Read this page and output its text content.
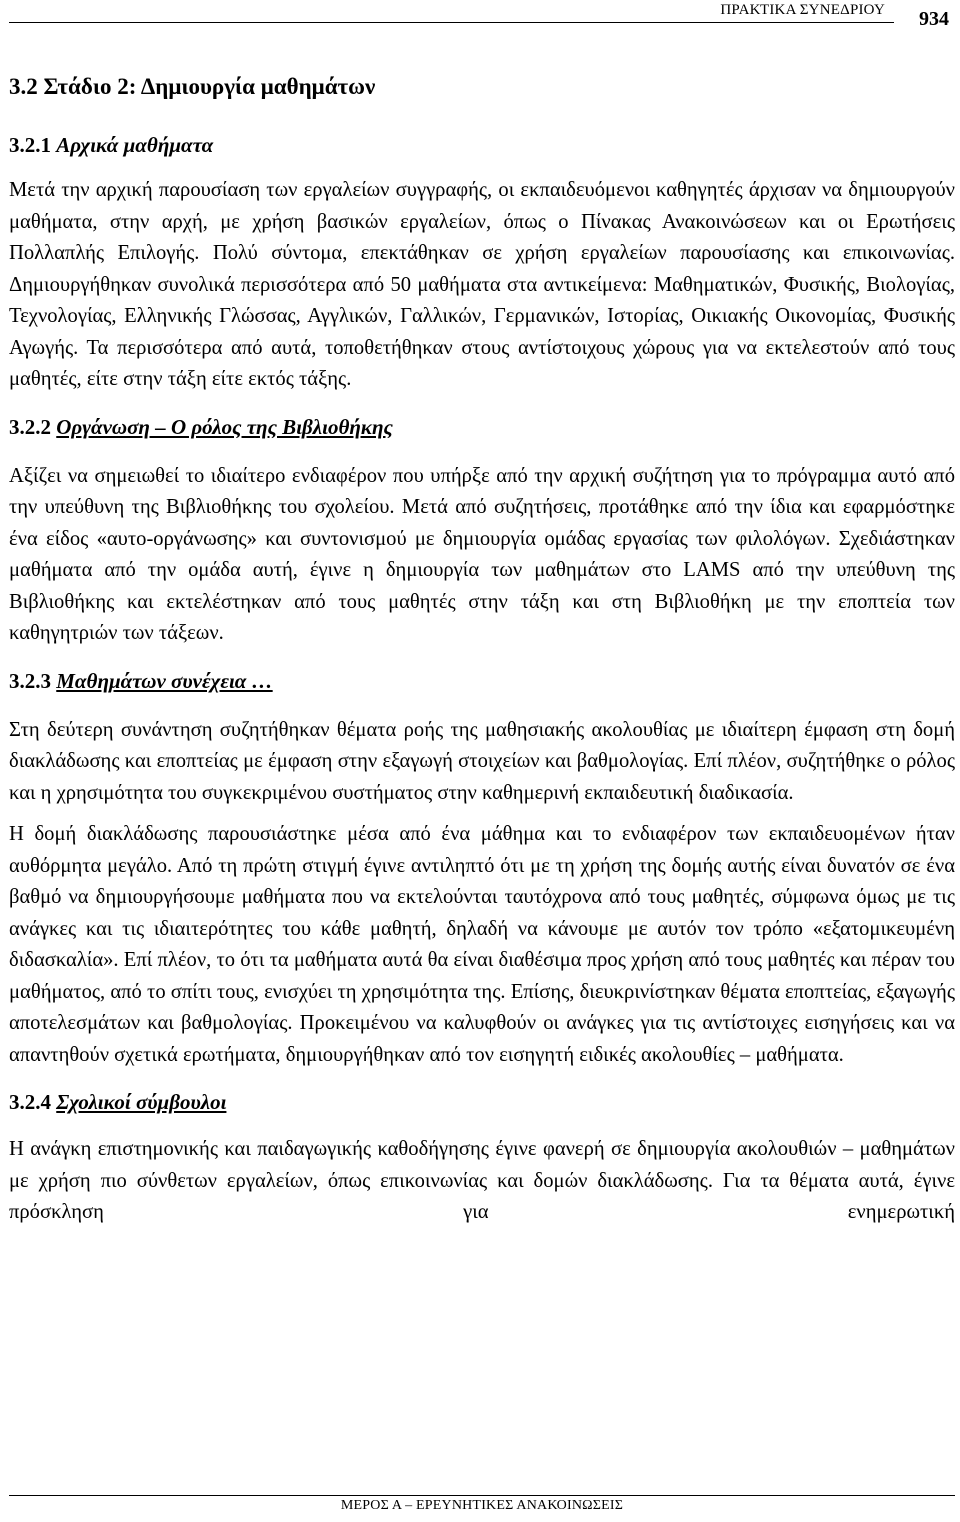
ΠΡΑΚΤΙΚΑ ΣΥΝΕΔΡΙΟΥ 934
3.2 Στάδιο 2: Δημιουργία μαθημάτων
3.2.1 Αρχικά μαθήματα

Μετά την αρχική παρουσίαση των εργαλείων συγγραφής, οι εκπαιδευόμενοι καθηγητές άρχισαν να δημιουργούν μαθήματα, στην αρχή, με χρήση βασικών εργαλείων, όπως ο Πίνακας Ανακοινώσεων και οι Ερωτήσεις Πολλαπλής Επιλογής. Πολύ σύντομα, επεκτάθηκαν σε χρήση εργαλείων παρουσίασης και επικοινωνίας. Δημιουργήθηκαν συνολικά περισσότερα από 50 μαθήματα στα αντικείμενα: Μαθηματικών, Φυσικής, Βιολογίας, Τεχνολογίας, Ελληνικής Γλώσσας, Αγγλικών, Γαλλικών, Γερμανικών, Ιστορίας, Οικιακής Οικονομίας, Φυσικής Αγωγής. Τα περισσότερα από αυτά, τοποθετήθηκαν στους αντίστοιχους χώρους για να εκτελεστούν από τους μαθητές, είτε στην τάξη είτε εκτός τάξης.

3.2.2 Οργάνωση – Ο ρόλος της Βιβλιοθήκης

Αξίζει να σημειωθεί το ιδιαίτερο ενδιαφέρον που υπήρξε από την αρχική συζήτηση για το πρόγραμμα αυτό από την υπεύθυνη της Βιβλιοθήκης του σχολείου. Μετά από συζητήσεις, προτάθηκε από την ίδια και εφαρμόστηκε ένα είδος «αυτο-οργάνωσης» και συντονισμού με δημιουργία ομάδας εργασίας των φιλολόγων. Σχεδιάστηκαν μαθήματα από την ομάδα αυτή, έγινε η δημιουργία των μαθημάτων στο LAMS από την υπεύθυνη της Βιβλιοθήκης και εκτελέστηκαν από τους μαθητές στην τάξη και στη Βιβλιοθήκη με την εποπτεία των καθηγητριών των τάξεων.

3.2.3 Μαθημάτων συνέχεια …

Στη δεύτερη συνάντηση συζητήθηκαν θέματα ροής της μαθησιακής ακολουθίας με ιδιαίτερη έμφαση στη δομή διακλάδωσης και εποπτείας με έμφαση στην εξαγωγή στοιχείων και βαθμολογίας. Επί πλέον, συζητήθηκε ο ρόλος και η χρησιμότητα του συγκεκριμένου συστήματος στην καθημερινή εκπαιδευτική διαδικασία.

Η δομή διακλάδωσης παρουσιάστηκε μέσα από ένα μάθημα και το ενδιαφέρον των εκπαιδευομένων ήταν αυθόρμητα μεγάλο. Από τη πρώτη στιγμή έγινε αντιληπτό ότι με τη χρήση της δομής αυτής είναι δυνατόν σε ένα βαθμό να δημιουργήσουμε μαθήματα που να εκτελούνται ταυτόχρονα από τους μαθητές, σύμφωνα όμως με τις ανάγκες και τις ιδιαιτερότητες του κάθε μαθητή, δηλαδή να κάνουμε με αυτόν τον τρόπο «εξατομικευμένη διδασκαλία». Επί πλέον, το ότι τα μαθήματα αυτά θα είναι διαθέσιμα προς χρήση από τους μαθητές και πέραν του μαθήματος, από το σπίτι τους, ενισχύει τη χρησιμότητα της. Επίσης, διευκρινίστηκαν θέματα εποπτείας, εξαγωγής αποτελεσμάτων και βαθμολογίας. Προκειμένου να καλυφθούν οι ανάγκες για τις αντίστοιχες εισηγήσεις και να απαντηθούν σχετικά ερωτήματα, δημιουργήθηκαν από τον εισηγητή ειδικές ακολουθίες – μαθήματα.

3.2.4 Σχολικοί σύμβουλοι

Η ανάγκη επιστημονικής και παιδαγωγικής καθοδήγησης έγινε φανερή σε δημιουργία ακολουθιών – μαθημάτων με χρήση πιο σύνθετων εργαλείων, όπως επικοινωνίας και δομών διακλάδωσης. Για τα θέματα αυτά, έγινε πρόσκληση για ενημερωτική

ΜΕΡΟΣ Α – ΕΡΕΥΝΗΤΙΚΕΣ ΑΝΑΚΟΙΝΩΣΕΙΣ
